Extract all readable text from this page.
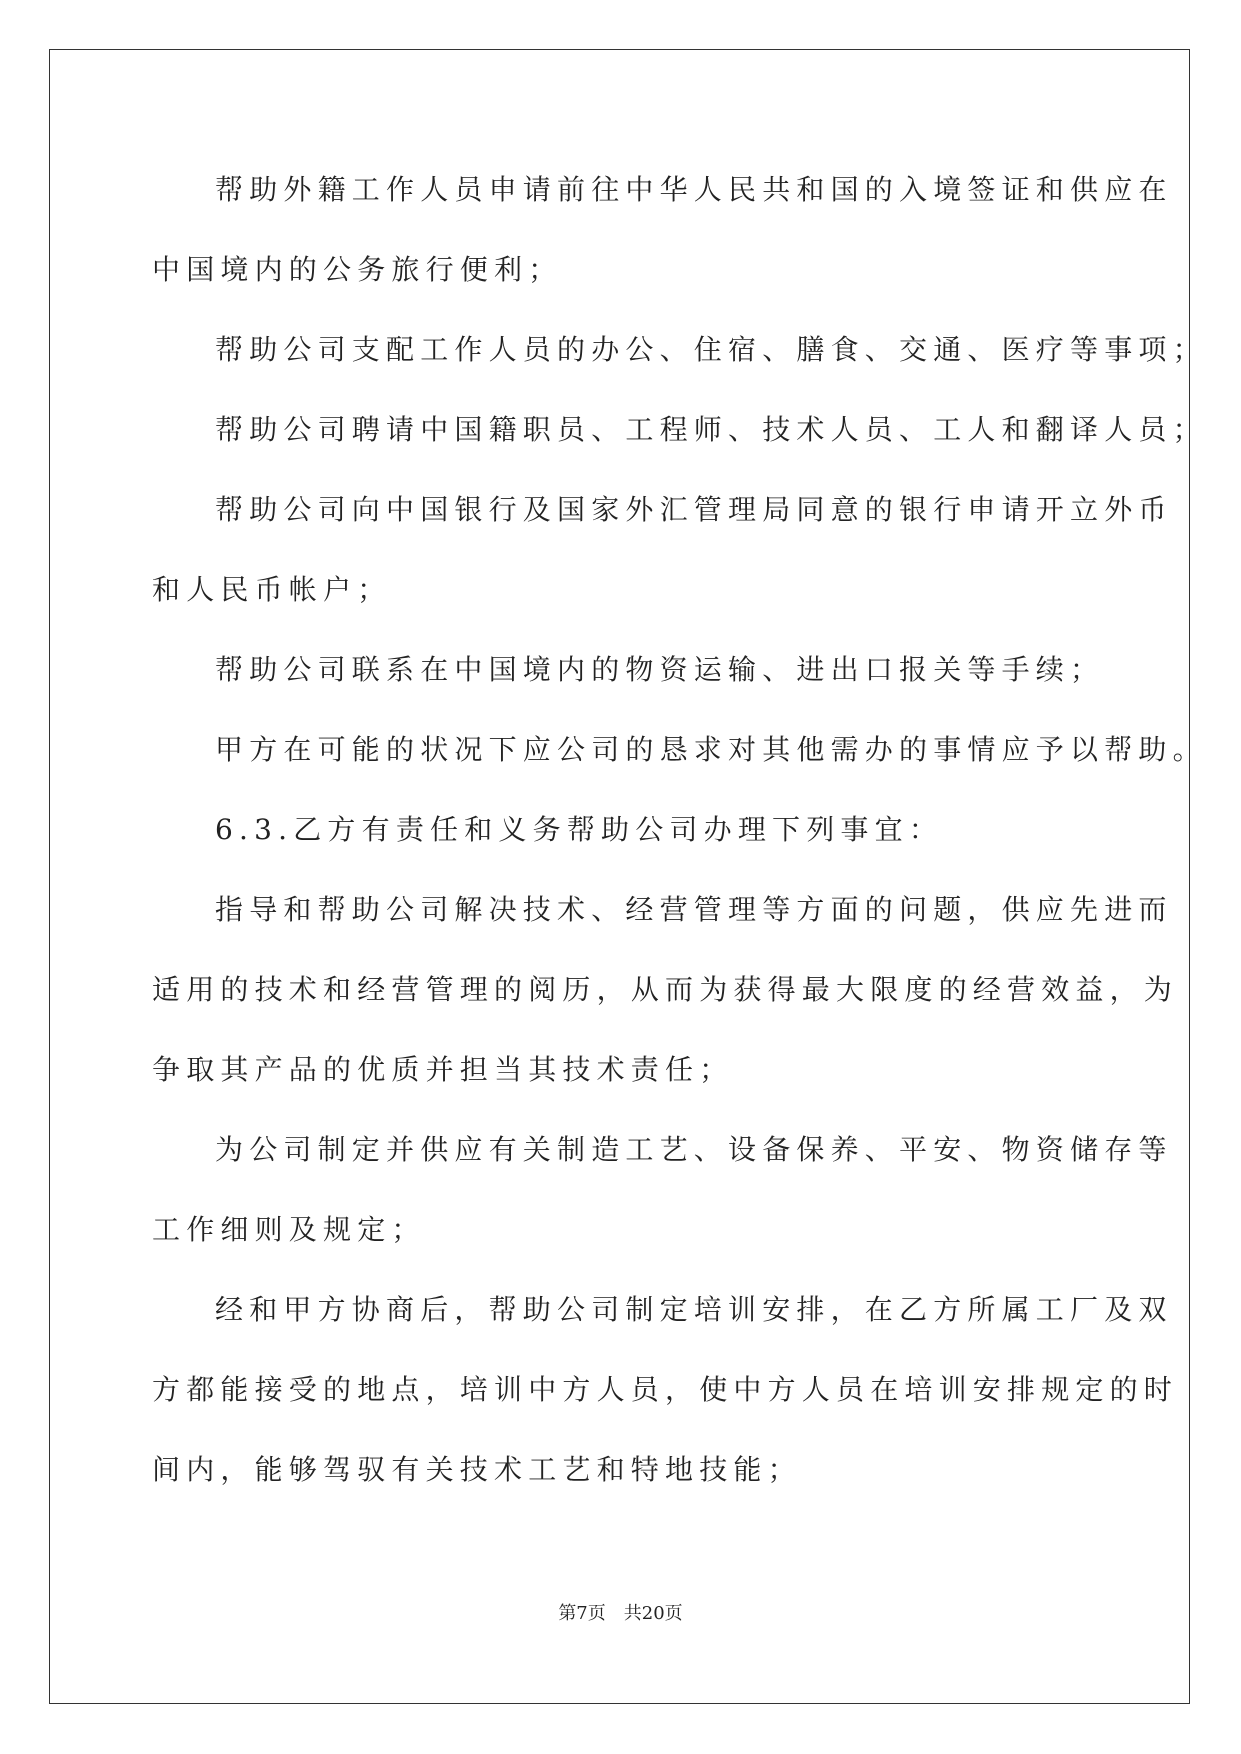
帮助外籍工作人员申请前往中华人民共和国的入境签证和供应在
中国境内的公务旅行便利；
帮助公司支配工作人员的办公、住宿、膳食、交通、医疗等事项；
帮助公司聘请中国籍职员、工程师、技术人员、工人和翻译人员；
帮助公司向中国银行及国家外汇管理局同意的银行申请开立外币
和人民币帐户；
帮助公司联系在中国境内的物资运输、进出口报关等手续；
甲方在可能的状况下应公司的恳求对其他需办的事情应予以帮助。
6.3.乙方有责任和义务帮助公司办理下列事宜：
指导和帮助公司解决技术、经营管理等方面的问题，供应先进而
适用的技术和经营管理的阅历，从而为获得最大限度的经营效益，为
争取其产品的优质并担当其技术责任；
为公司制定并供应有关制造工艺、设备保养、平安、物资储存等
工作细则及规定；
经和甲方协商后，帮助公司制定培训安排，在乙方所属工厂及双
方都能接受的地点，培训中方人员，使中方人员在培训安排规定的时
间内，能够驾驭有关技术工艺和特地技能；
第7页　共20页
